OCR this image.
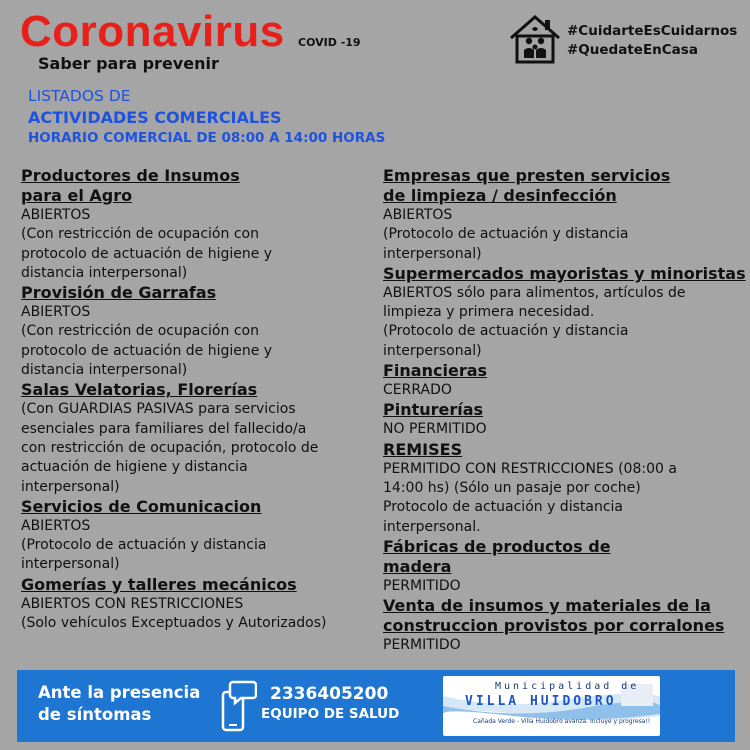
Coronavirus COVID -19
Saber para prevenir
#CuidarteEsCuidarnos
#QuedateEnCasa
LISTADOS DE
ACTIVIDADES COMERCIALES
HORARIO COMERCIAL DE 08:00 A 14:00 HORAS
Productores de Insumos
para el Agro
ABIERTOS
(Con restricción de ocupación con
protocolo de actuación de higiene y
distancia interpersonal)
Provisión de Garrafas
ABIERTOS
(Con restricción de ocupación con
protocolo de actuación de higiene y
distancia interpersonal)
Salas Velatorias, Florerías
(Con GUARDIAS PASIVAS para servicios
esenciales para familiares del fallecido/a
con restricción de ocupación, protocolo de
actuación de higiene y distancia
interpersonal)
Servicios de Comunicacion
ABIERTOS
(Protocolo de actuación y distancia
interpersonal)
Gomerías y talleres mecánicos
ABIERTOS CON RESTRICCIONES
(Solo vehículos Exceptuados y Autorizados)
Empresas que presten servicios
de limpieza / desinfección
ABIERTOS
(Protocolo de actuación y distancia
interpersonal)
Supermercados mayoristas y minoristas
ABIERTOS sólo para alimentos, artículos de
limpieza y primera necesidad.
(Protocolo de actuación y distancia
interpersonal)
Financieras
CERRADO
Pinturerías
NO PERMITIDO
REMISES
PERMITIDO CON RESTRICCIONES (08:00 a
14:00 hs) (Sólo un pasaje por coche)
Protocolo de actuación y distancia
interpersonal.
Fábricas de productos de
madera
PERMITIDO
Venta de insumos y materiales de la
construccion provistos por corralones
PERMITIDO
Ante la presencia
de síntomas
2336405200
EQUIPO DE SALUD
Municipalidad de
VILLA HUIDOBRO
Cañada Verde - Villa Huidobro avanza. Incluye y progresa!!
